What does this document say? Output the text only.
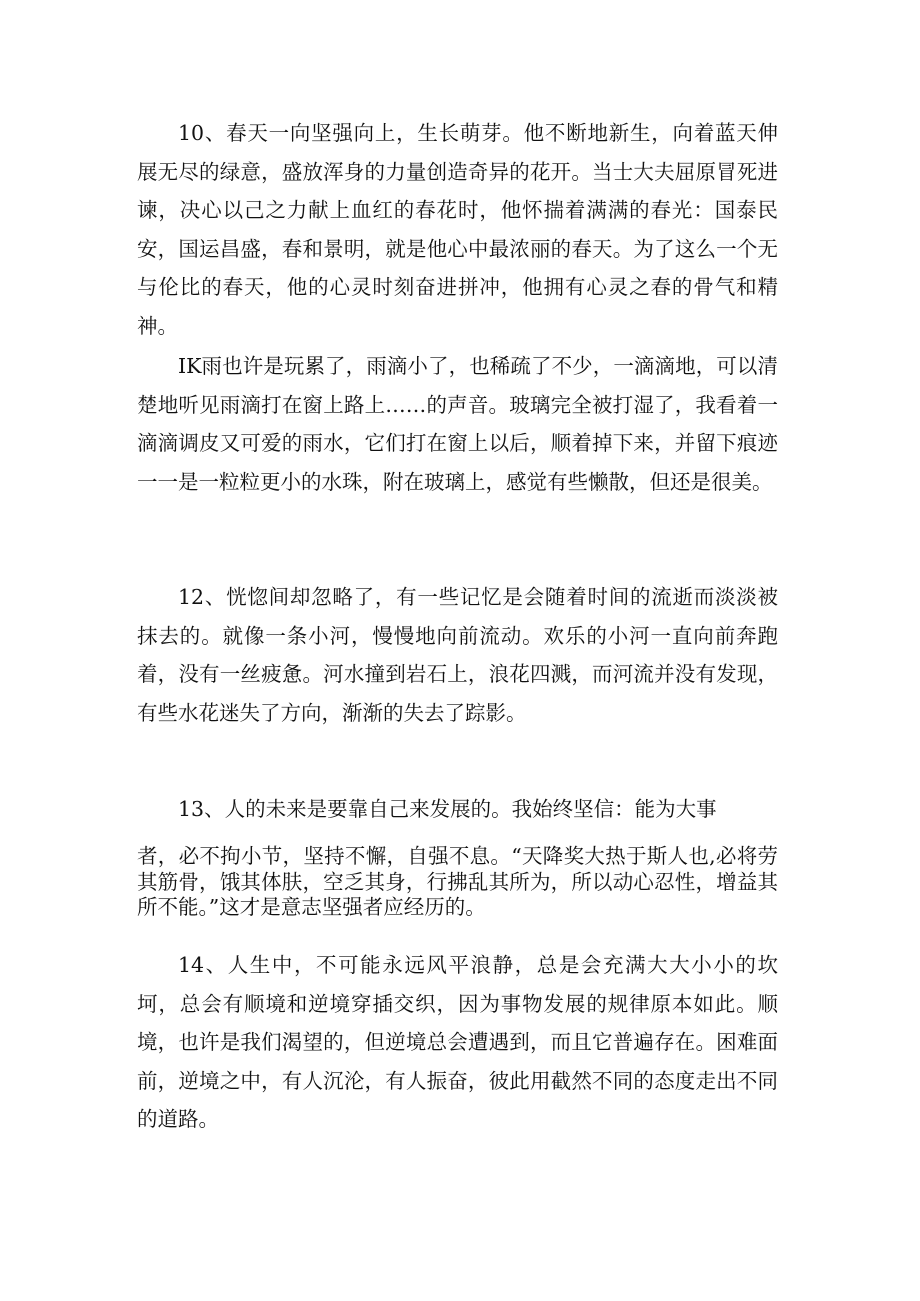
10、春天一向坚强向上，生长萌芽。他不断地新生，向着蓝天伸展无尽的绿意，盛放浑身的力量创造奇异的花开。当士大夫屈原冒死进谏，决心以己之力献上血红的春花时，他怀揣着满满的春光：国泰民安，国运昌盛，春和景明，就是他心中最浓丽的春天。为了这么一个无与伦比的春天，他的心灵时刻奋进拼冲，他拥有心灵之春的骨气和精神。

IK雨也许是玩累了，雨滴小了，也稀疏了不少，一滴滴地，可以清楚地听见雨滴打在窗上路上……的声音。玻璃完全被打湿了，我看着一滴滴调皮又可爱的雨水，它们打在窗上以后，顺着掉下来，并留下痕迹一一是一粒粒更小的水珠，附在玻璃上，感觉有些懒散，但还是很美。

12、恍惚间却忽略了，有一些记忆是会随着时间的流逝而淡淡被抹去的。就像一条小河，慢慢地向前流动。欢乐的小河一直向前奔跑着，没有一丝疲惫。河水撞到岩石上，浪花四溅，而河流并没有发现，有些水花迷失了方向，渐渐的失去了踪影。

13、人的未来是要靠自己来发展的。我始终坚信：能为大事

者，必不拘小节，坚持不懈，自强不息。“天降奖大热于斯人也,必将劳其筋骨，饿其体肤，空乏其身，行拂乱其所为，所以动心忍性，增益其所不能。”这才是意志坚强者应经历的。

14、人生中，不可能永远风平浪静，总是会充满大大小小的坎坷，总会有顺境和逆境穿插交织，因为事物发展的规律原本如此。顺境，也许是我们渴望的，但逆境总会遭遇到，而且它普遍存在。困难面前，逆境之中，有人沉沦，有人振奋，彼此用截然不同的态度走出不同的道路。
